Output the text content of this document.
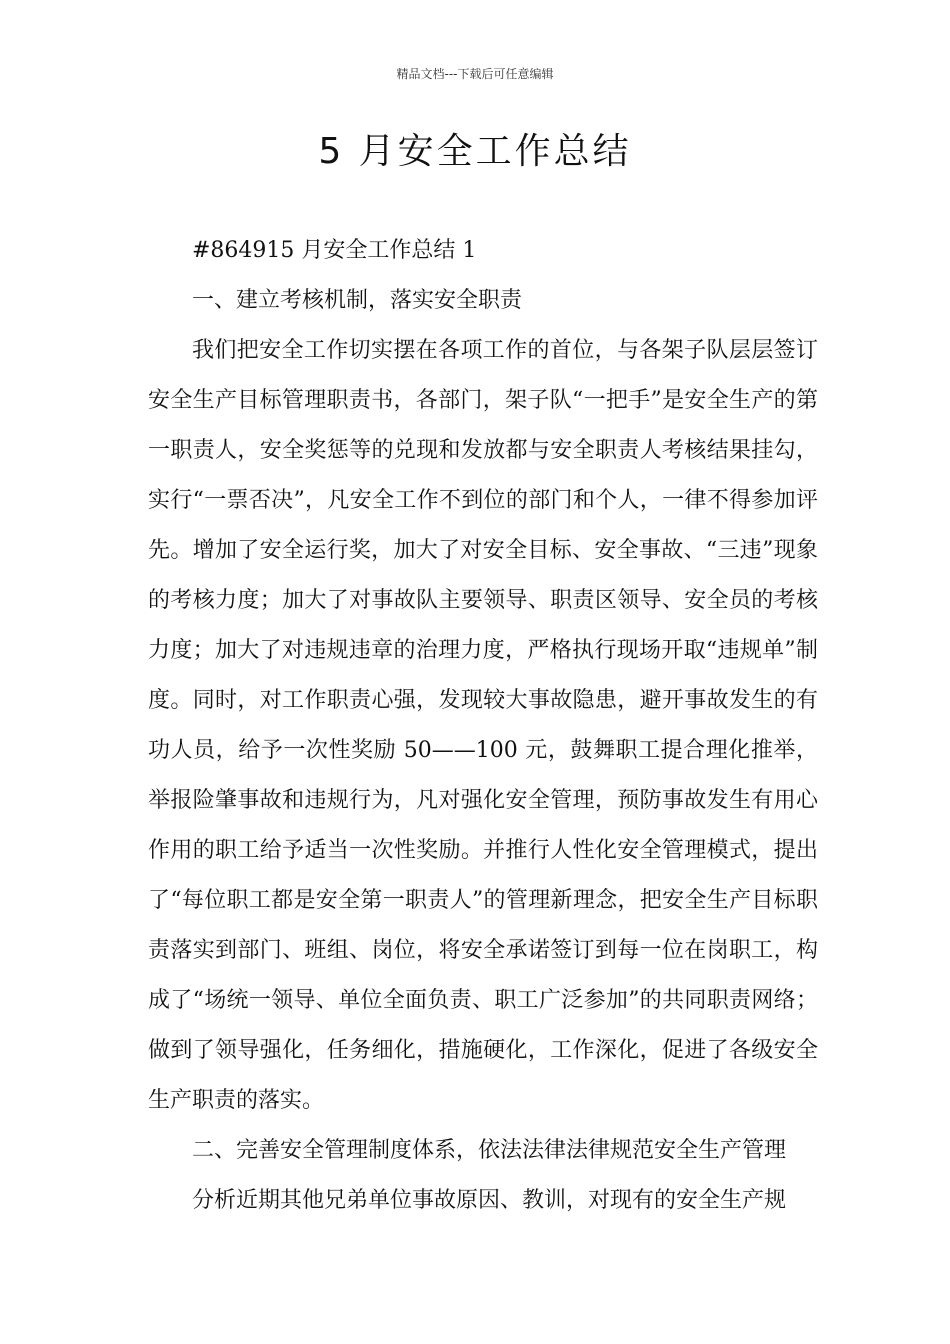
精品文档---下载后可任意编辑
5 月安全工作总结

#864915 月安全工作总结 1

一、建立考核机制，落实安全职责

我们把安全工作切实摆在各项工作的首位，与各架子队层层签订安全生产目标管理职责书，各部门，架子队“一把手”是安全生产的第一职责人，安全奖惩等的兑现和发放都与安全职责人考核结果挂勾，实行“一票否决”，凡安全工作不到位的部门和个人，一律不得参加评先。增加了安全运行奖，加大了对安全目标、安全事故、“三违”现象的考核力度；加大了对事故队主要领导、职责区领导、安全员的考核力度；加大了对违规违章的治理力度，严格执行现场开取“违规单”制度。同时，对工作职责心强，发现较大事故隐患，避开事故发生的有功人员，给予一次性奖励 50——100 元，鼓舞职工提合理化推举，举报险肇事故和违规行为，凡对强化安全管理，预防事故发生有用心作用的职工给予适当一次性奖励。并推行人性化安全管理模式，提出了“每位职工都是安全第一职责人”的管理新理念，把安全生产目标职责落实到部门、班组、岗位，将安全承诺签订到每一位在岗职工，构成了“场统一领导、单位全面负责、职工广泛参加”的共同职责网络；做到了领导强化，任务细化，措施硬化，工作深化，促进了各级安全生产职责的落实。

二、完善安全管理制度体系，依法法律法律规范安全生产管理

分析近期其他兄弟单位事故原因、教训，对现有的安全生产规
